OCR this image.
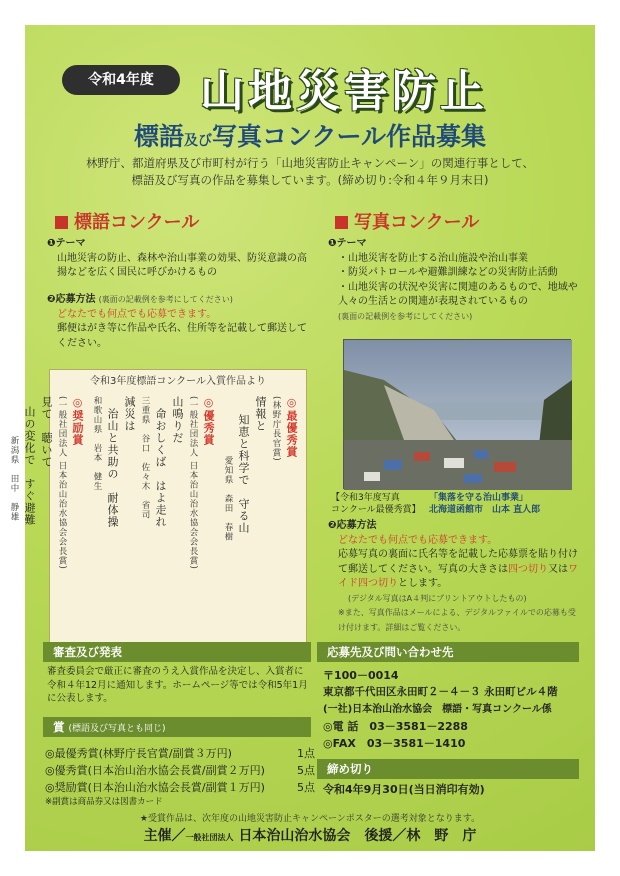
令和4年度	山地災害防止
標語及び写真コンクール作品募集
林野庁、都道府県及び市町村が行う「山地災害防止キャンペーン」の関連行事として、
標語及び写真の作品を募集しています。(締め切り:令和４年９月末日)
標語コンクール
❶テーマ
山地災害の防止、森林や治山事業の効果、防災意識の高揚などを広く国民に呼びかけるもの
❷応募方法 (裏面の記載例を参考にしてください)
どなたでも何点でも応募できます。
郵便はがき等に作品や氏名、住所等を記載して郵送してください。
令和3年度標語コンクール入賞作品より
◎最優秀賞
(林野庁長官賞)
情報と
知恵と科学で　守る山
愛知県　森田　春樹
◎優秀賞
(一般社団法人 日本治山治水協会会長賞)
山鳴りだ
命おしくば　はよ走れ
三重県　谷口　佐々木　省司
減災は
治山と共助の　耐体操
和歌山県　岩本　健生
◎奨励賞
(一般社団法人 日本治山治水協会会長賞)
見て　聴いて
山の変化で　すぐ避難
新潟県　田中　静雄
写真コンクール
❶テーマ
・山地災害を防止する治山施設や治山事業
・防災パトロールや避難訓練などの災害防止活動
・山地災害の状況や災害に関連のあるもので、地域や人々の生活との関連が表現されているもの
(裏面の記載例を参考にしてください)
【令和3年度写真
コンクール最優秀賞】
「集落を守る治山事業」
北海道函館市　山本 直人郎
❷応募方法
どなたでも何点でも応募できます。
応募写真の裏面に氏名等を記載した応募票を貼り付けて郵送してください。写真の大きさは四つ切り又はワイド四つ切りとします。
(デジタル写真はA４判にプリントアウトしたもの)
※また、写真作品はメールによる、デジタルファイルでの応募も受け付けます。詳細はご覧ください。
審査及び発表
審査委員会で厳正に審査のうえ入賞作品を決定し、入賞者に令和４年12月に通知します。ホームページ等では令和5年1月に公表します。
賞 (標語及び写真とも同じ)
◎最優秀賞(林野庁長官賞/副賞３万円)	1点
◎優秀賞(日本治山治水協会長賞/副賞２万円)	5点
◎奨励賞(日本治山治水協会長賞/副賞１万円)	5点
※副賞は商品券又は図書カード
応募先及び問い合わせ先
〒100－0014
東京都千代田区永田町２－４－３ 永田町ビル４階
(一社)日本治山治水協会　標語・写真コンクール係
◎電 話　03－3581－2288
◎FAX　03－3581－1410
締め切り
令和4年9月30日(当日消印有効)
★受賞作品は、次年度の山地災害防止キャンペーンポスターの選考対象となります。
主催／一般社団法人 日本治山治水協会　 後援／林　野　庁
